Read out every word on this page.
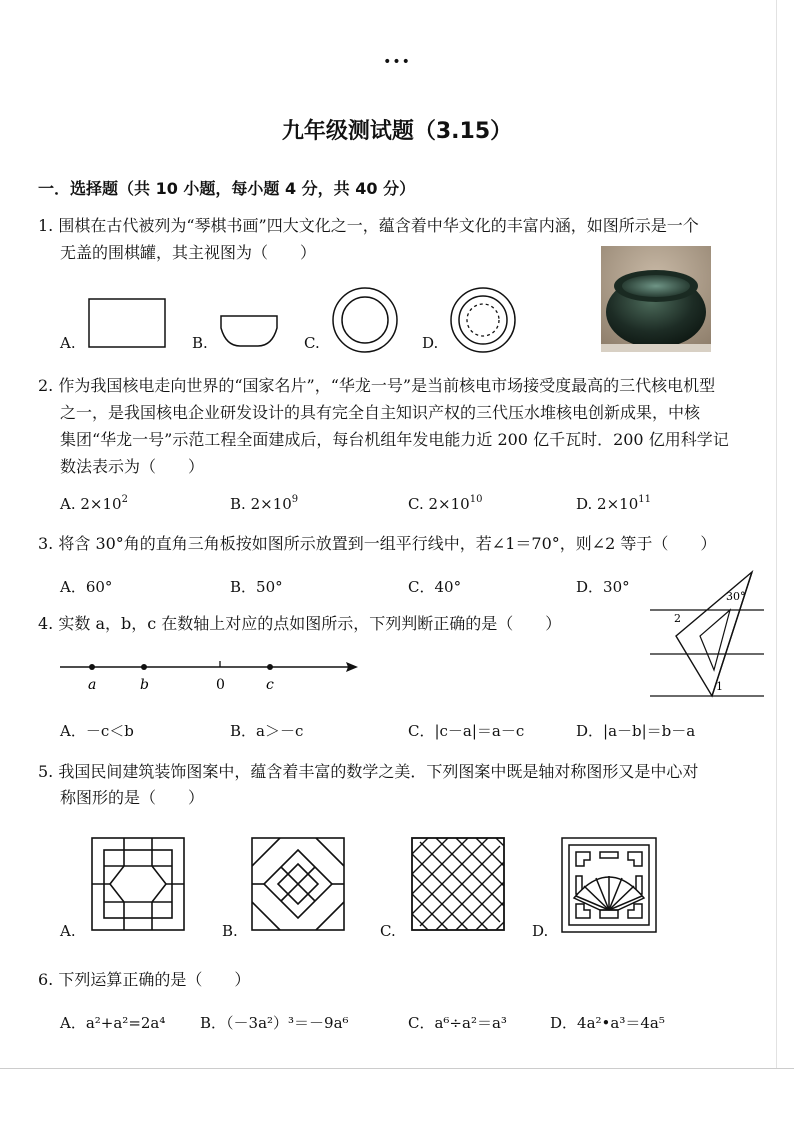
•••
九年级测试题（3.15）
一．选择题（共 10 小题，每小题 4 分，共 40 分）
1. 围棋在古代被列为“琴棋书画”四大文化之一，蕴含着中华文化的丰富内涵，如图所示是一个
无盖的围棋罐，其主视图为（　　）
A.	B.	C.	D.
2. 作为我国核电走向世界的“国家名片”，“华龙一号”是当前核电市场接受度最高的三代核电机型
之一，是我国核电企业研发设计的具有完全自主知识产权的三代压水堆核电创新成果，中核
集团“华龙一号”示范工程全面建成后，每台机组年发电能力近 200 亿千瓦时．200 亿用科学记
数法表示为（　　）
A. $2\times 10^2$	B. $2\times 10^9$	C. $2\times 10^{10}$	D. $2\times 10^{11}$
3. 将含 30°角的直角三角板按如图所示放置到一组平行线中，若∠1＝70°，则∠2 等于（　　）
A．60°	B．50°	C．40°	D．30°
30°
2
1
4. 实数 a，b，c 在数轴上对应的点如图所示，下列判断正确的是（　　）
a	b	0	c
A．－c＜b	B．a＞－c	C．|c－a|＝a－c	D．|a－b|＝b－a
5. 我国民间建筑装饰图案中，蕴含着丰富的数学之美．下列图案中既是轴对称图形又是中心对
称图形的是（　　）
A.	B.	C.	D.
6. 下列运算正确的是（　　）
A．a²+a²=2a⁴ B．（－3a²）³＝－9a⁶	C．a⁶÷a²＝a³	D．4a²•a³＝4a⁵
